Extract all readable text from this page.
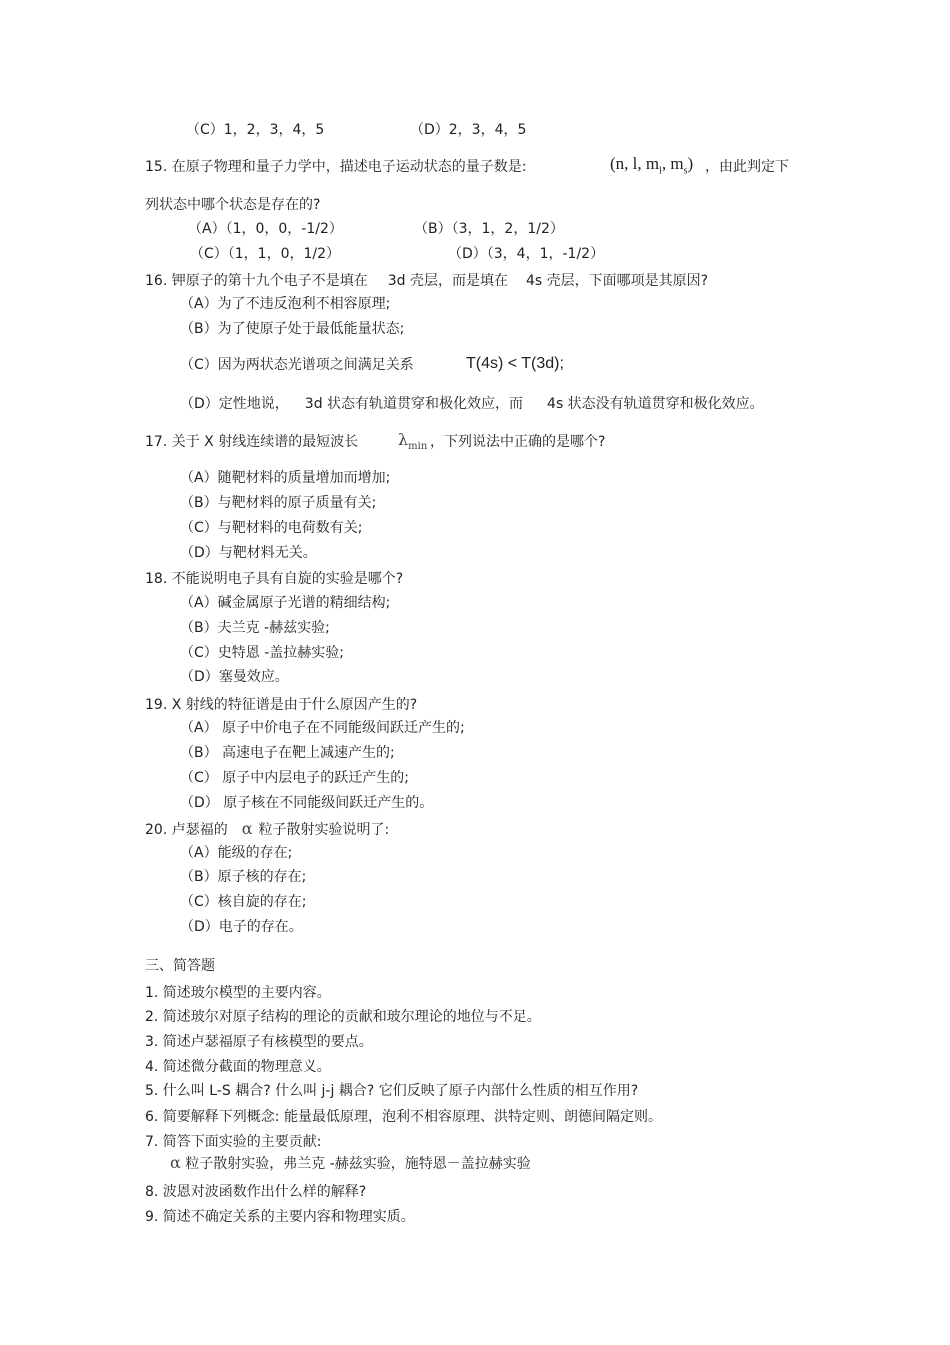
（C）1，2，3，4，5	（D）2，3，4，5
15. 在原子物理和量子力学中，描述电子运动状态的量子数是:	(n, l, $m_l$, $m_s$) ，由此判定下
列状态中哪个状态是存在的?
（A）（1，0，0，-1/2）	（B）（3，1，2，1/2）
（C）（1，1，0，1/2）	（D）（3，4，1，-1/2）
16. 钾原子的第十九个电子不是填在 3d 壳层，而是填在 4s 壳层，下面哪项是其原因?
（A）为了不违反泡利不相容原理;
（B）为了使原子处于最低能量状态;
（C）因为两状态光谱项之间满足关系	T(4s) < T(3d);
（D）定性地说， 3d 状态有轨道贯穿和极化效应，而 4s 状态没有轨道贯穿和极化效应。
17. 关于 X 射线连续谱的最短波长 $\lambda_{min}$ ，下列说法中正确的是哪个?
（A）随靶材料的质量增加而增加;
（B）与靶材料的原子质量有关;
（C）与靶材料的电荷数有关;
（D）与靶材料无关。
18. 不能说明电子具有自旋的实验是哪个?
（A）碱金属原子光谱的精细结构;
（B）夫兰克 -赫兹实验;
（C）史特恩 -盖拉赫实验;
（D）塞曼效应。
19. X 射线的特征谱是由于什么原因产生的?
（A） 原子中价电子在不同能级间跃迁产生的;
（B） 高速电子在靶上减速产生的;
（C） 原子中内层电子的跃迁产生的;
（D） 原子核在不同能级间跃迁产生的。
20. 卢瑟福的 α 粒子散射实验说明了:
（A）能级的存在;
（B）原子核的存在;
（C）核自旋的存在;
（D）电子的存在。
三、简答题
1. 简述玻尔模型的主要内容。
2. 简述玻尔对原子结构的理论的贡献和玻尔理论的地位与不足。
3. 简述卢瑟福原子有核模型的要点。
4. 简述微分截面的物理意义。
5. 什么叫 L-S 耦合? 什么叫 j-j 耦合? 它们反映了原子内部什么性质的相互作用?
6. 简要解释下列概念: 能量最低原理，泡利不相容原理、洪特定则、朗德间隔定则。
7. 简答下面实验的主要贡献:
α 粒子散射实验，弗兰克 -赫兹实验，施特恩－盖拉赫实验
8. 波恩对波函数作出什么样的解释?
9. 简述不确定关系的主要内容和物理实质。
